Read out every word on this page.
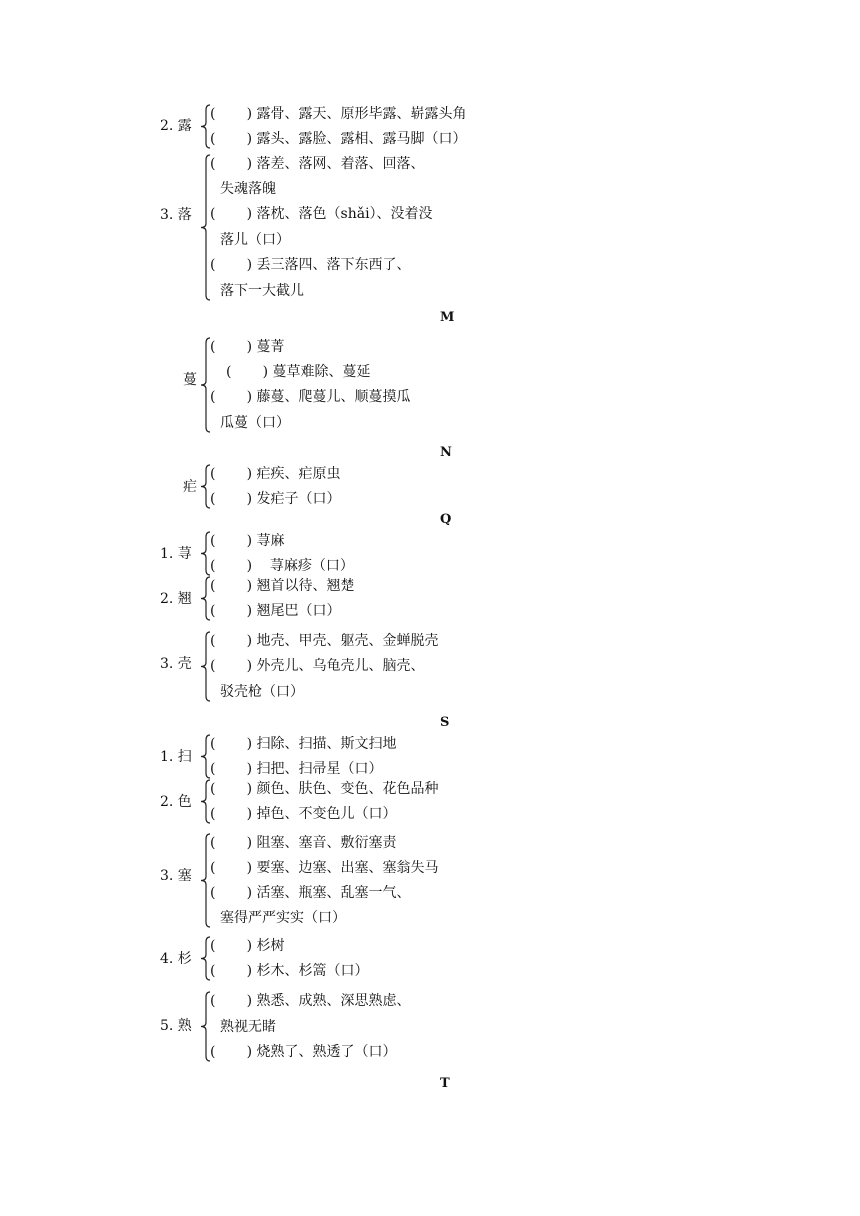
2. 露
(       ) 露骨、露天、原形毕露、崭露头角
(       ) 露头、露脸、露相、露马脚（口）
3. 落
(       ) 落差、落网、着落、回落、
失魂落魄
(       ) 落枕、落色（shǎi）、没着没
落儿（口）
(       ) 丢三落四、落下东西了、
落下一大截儿
蔓
(       ) 蔓菁
(       ) 蔓草难除、蔓延
(       ) 藤蔓、爬蔓儿、顺蔓摸瓜
瓜蔓（口）
疟
(       ) 疟疾、疟原虫
(       ) 发疟子（口）
1. 荨
(       ) 荨麻
(       )    荨麻疹（口）
2. 翘
(       ) 翘首以待、翘楚
(       ) 翘尾巴（口）
3. 壳
(       ) 地壳、甲壳、躯壳、金蝉脱壳
(       ) 外壳儿、乌龟壳儿、脑壳、
驳壳枪（口）
1. 扫
(       ) 扫除、扫描、斯文扫地
(       ) 扫把、扫帚星（口）
2. 色
(       ) 颜色、肤色、变色、花色品种
(       ) 掉色、不变色儿（口）
3. 塞
(       ) 阻塞、塞音、敷衍塞责
(       ) 要塞、边塞、出塞、塞翁失马
(       ) 活塞、瓶塞、乱塞一气、
塞得严严实实（口）
4. 杉
(       ) 杉树
(       ) 杉木、杉篙（口）
5. 熟
(       ) 熟悉、成熟、深思熟虑、
熟视无睹
(       ) 烧熟了、熟透了（口）
M
N
Q
S
T
